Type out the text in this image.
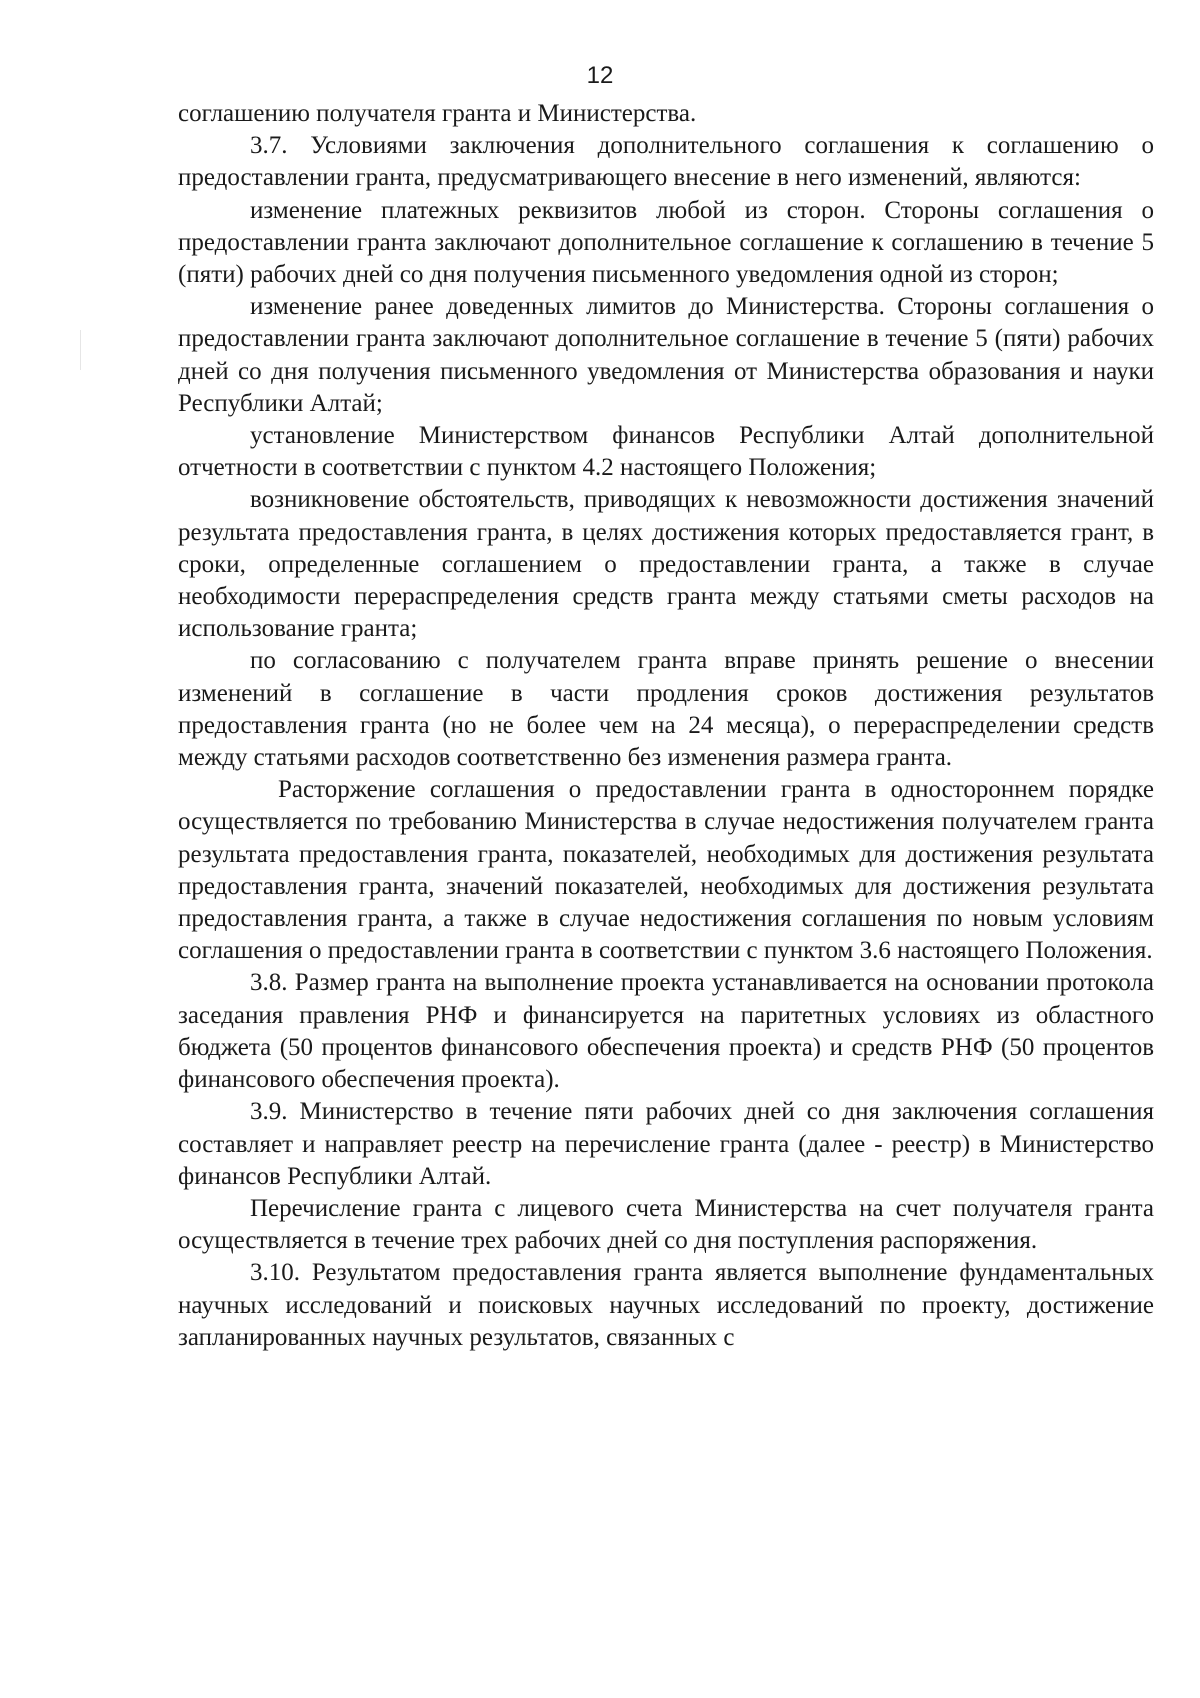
12

соглашению получателя гранта и Министерства.

3.7. Условиями заключения дополнительного соглашения к соглашению о предоставлении гранта, предусматривающего внесение в него изменений, являются:

изменение платежных реквизитов любой из сторон. Стороны соглашения о предоставлении гранта заключают дополнительное соглашение к соглашению в течение 5 (пяти) рабочих дней со дня получения письменного уведомления одной из сторон;

изменение ранее доведенных лимитов до Министерства. Стороны соглашения о предоставлении гранта заключают дополнительное соглашение в течение 5 (пяти) рабочих дней со дня получения письменного уведомления от Министерства образования и науки Республики Алтай;

установление Министерством финансов Республики Алтай дополнительной отчетности в соответствии с пунктом 4.2 настоящего Положения;

возникновение обстоятельств, приводящих к невозможности достижения значений результата предоставления гранта, в целях достижения которых предоставляется грант, в сроки, определенные соглашением о предоставлении гранта, а также в случае необходимости перераспределения средств гранта между статьями сметы расходов на использование гранта;

по согласованию с получателем гранта вправе принять решение о внесении изменений в соглашение в части продления сроков достижения результатов предоставления гранта (но не более чем на 24 месяца), о перераспределении средств между статьями расходов соответственно без изменения размера гранта.

Расторжение соглашения о предоставлении гранта в одностороннем порядке осуществляется по требованию Министерства в случае недостижения получателем гранта результата предоставления гранта, показателей, необходимых для достижения результата предоставления гранта, значений показателей, необходимых для достижения результата предоставления гранта, а также в случае недостижения соглашения по новым условиям соглашения о предоставлении гранта в соответствии с пунктом 3.6 настоящего Положения.

3.8. Размер гранта на выполнение проекта устанавливается на основании протокола заседания правления РНФ и финансируется на паритетных условиях из областного бюджета (50 процентов финансового обеспечения проекта) и средств РНФ (50 процентов финансового обеспечения проекта).

3.9. Министерство в течение пяти рабочих дней со дня заключения соглашения составляет и направляет реестр на перечисление гранта (далее - реестр) в Министерство финансов Республики Алтай.

Перечисление гранта с лицевого счета Министерства на счет получателя гранта осуществляется в течение трех рабочих дней со дня поступления распоряжения.

3.10. Результатом предоставления гранта является выполнение фундаментальных научных исследований и поисковых научных исследований по проекту, достижение запланированных научных результатов, связанных с
